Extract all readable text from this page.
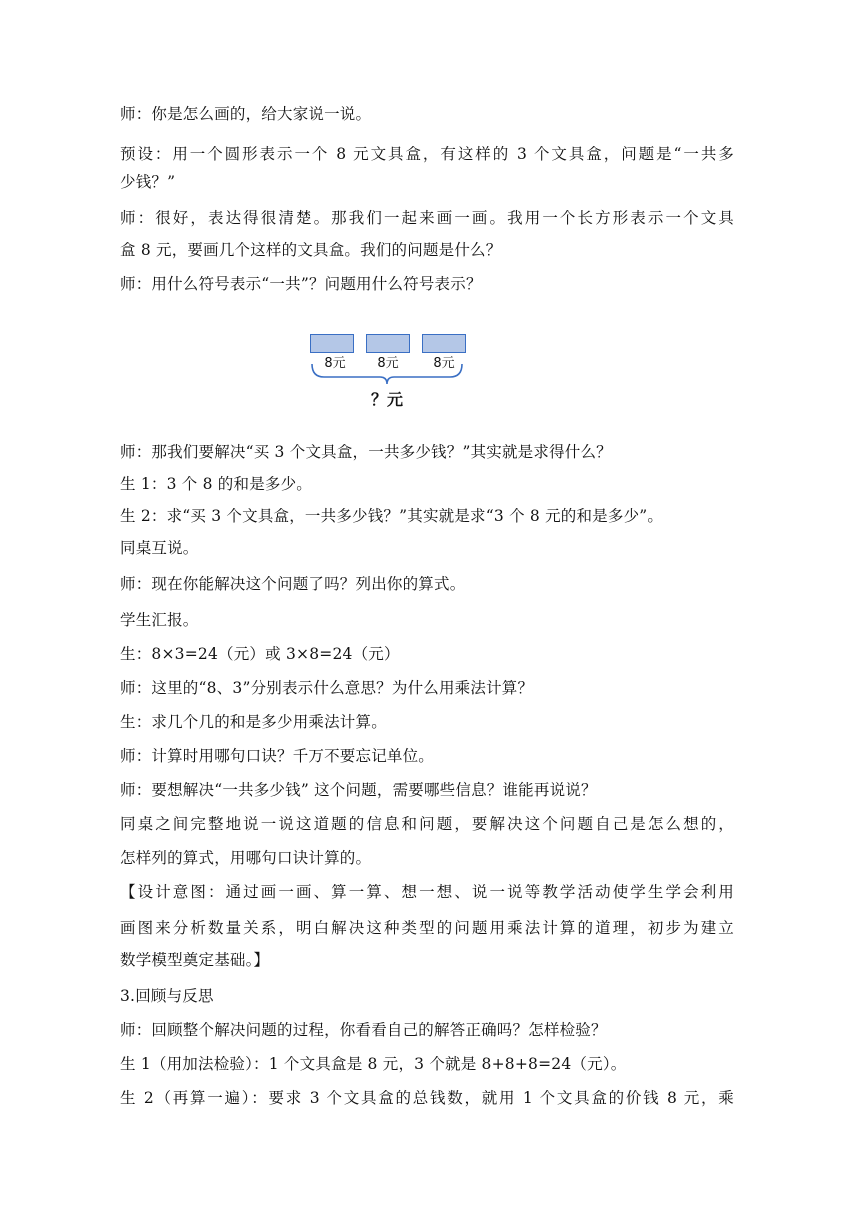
师：你是怎么画的，给大家说一说。
预设：用一个圆形表示一个 8 元文具盒，有这样的 3 个文具盒，问题是“一共多
少钱？”
师：很好，表达得很清楚。那我们一起来画一画。我用一个长方形表示一个文具
盒 8 元，要画几个这样的文具盒。我们的问题是什么？
师：用什么符号表示“一共”？问题用什么符号表示？
8元	8元	8元
？元
师：那我们要解决“买 3 个文具盒，一共多少钱？”其实就是求得什么？
生 1：3 个 8 的和是多少。
生 2：求“买 3 个文具盒，一共多少钱？”其实就是求“3 个 8 元的和是多少”。
同桌互说。
师：现在你能解决这个问题了吗？列出你的算式。
学生汇报。
生：8×3=24（元）或 3×8=24（元）
师：这里的“8、3”分别表示什么意思？为什么用乘法计算？
生：求几个几的和是多少用乘法计算。
师：计算时用哪句口诀？千万不要忘记单位。
师：要想解决“一共多少钱” 这个问题，需要哪些信息？谁能再说说？
同桌之间完整地说一说这道题的信息和问题，要解决这个问题自己是怎么想的，
怎样列的算式，用哪句口诀计算的。
【设计意图：通过画一画、算一算、想一想、说一说等教学活动使学生学会利用
画图来分析数量关系，明白解决这种类型的问题用乘法计算的道理，初步为建立
数学模型奠定基础。】
3.回顾与反思
师：回顾整个解决问题的过程，你看看自己的解答正确吗？怎样检验？
生 1（用加法检验）：1 个文具盒是 8 元，3 个就是 8+8+8=24（元）。
生 2（再算一遍）：要求 3 个文具盒的总钱数，就用 1 个文具盒的价钱 8 元，乘
